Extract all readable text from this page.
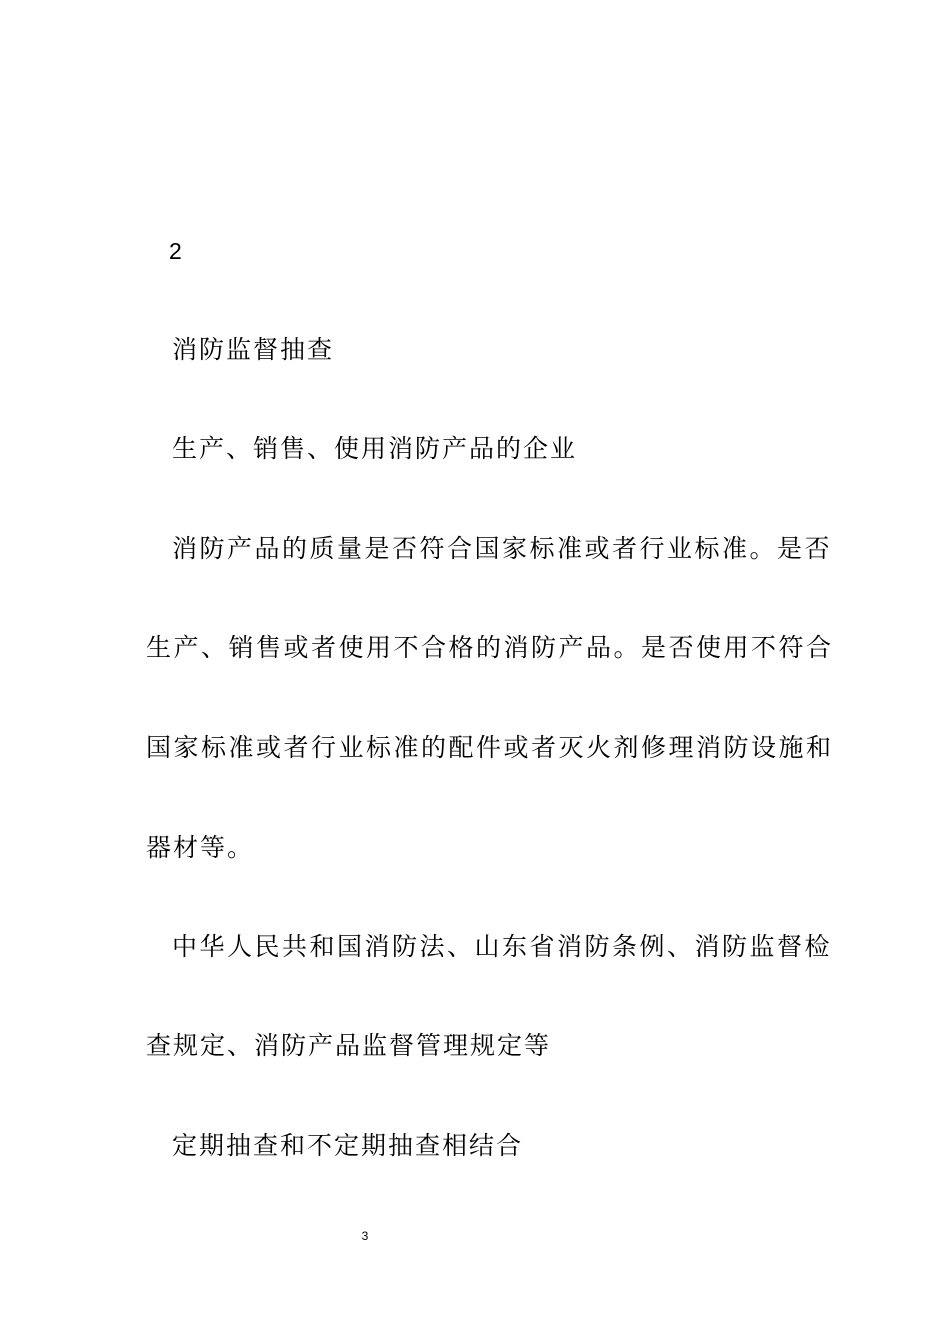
2
消防监督抽查
生产、销售、使用消防产品的企业
消防产品的质量是否符合国家标准或者行业标准。是否
生产、销售或者使用不合格的消防产品。是否使用不符合
国家标准或者行业标准的配件或者灭火剂修理消防设施和
器材等。
中华人民共和国消防法、山东省消防条例、消防监督检
查规定、消防产品监督管理规定等
定期抽查和不定期抽查相结合
3
